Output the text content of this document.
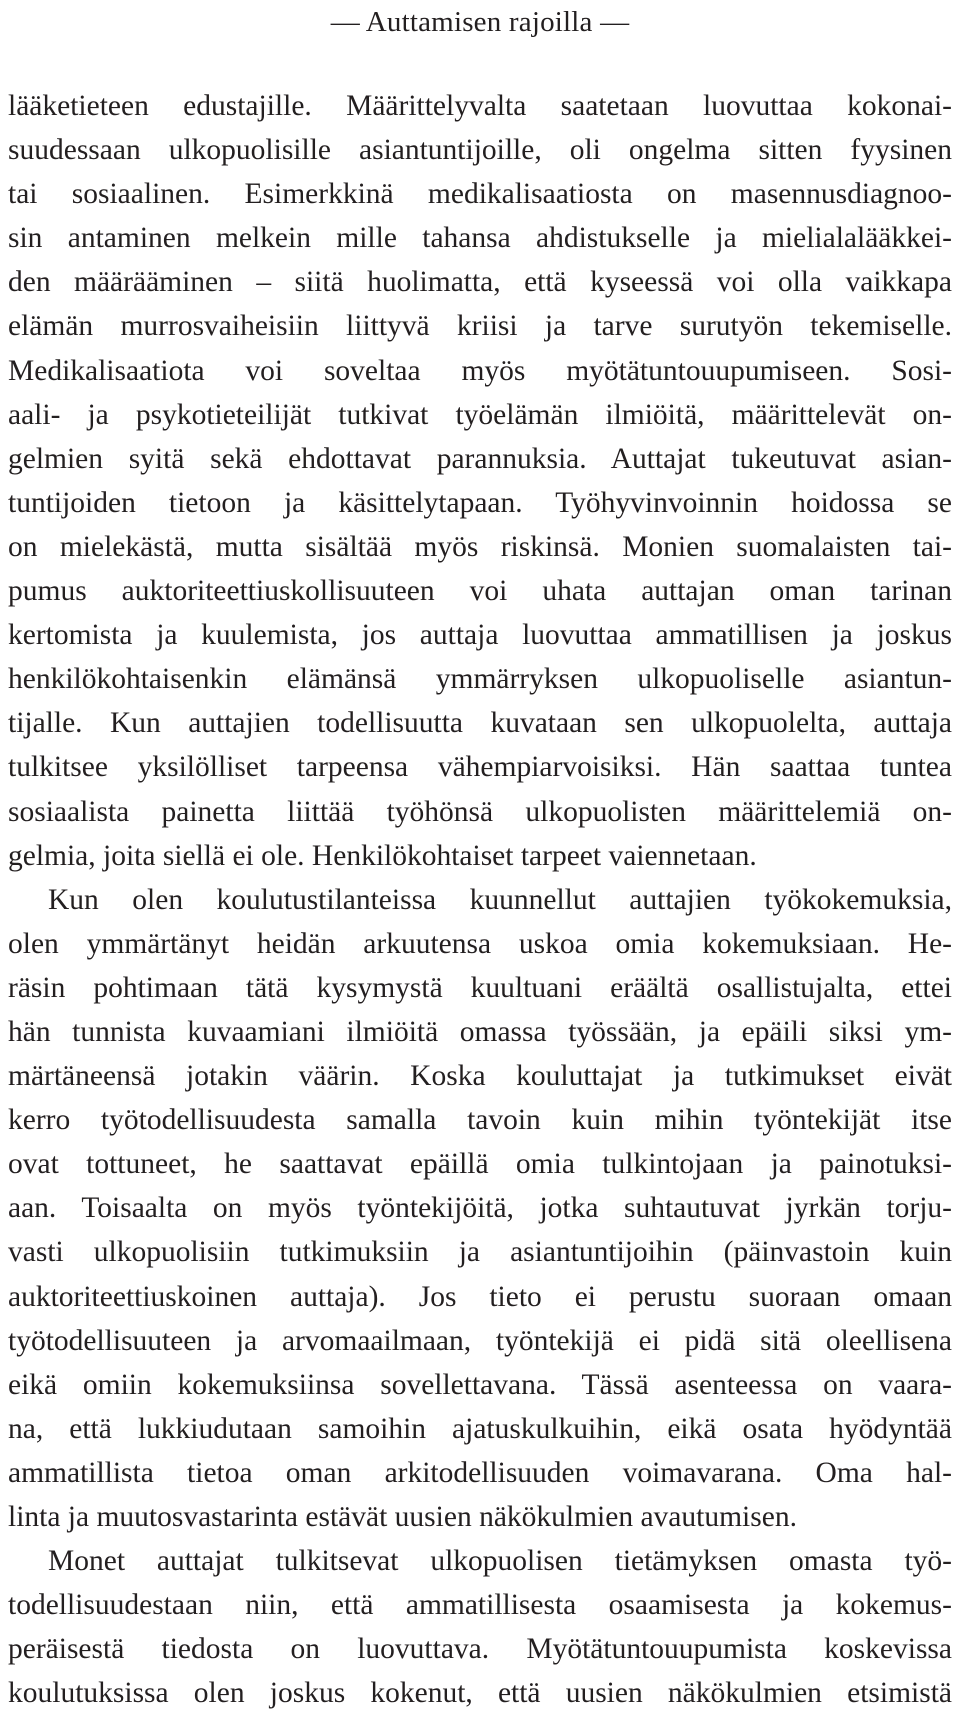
— Auttamisen rajoilla —
lääketieteen edustajille. Määrittelyvalta saatetaan luovuttaa kokonai-
suudessaan ulkopuolisille asiantuntijoille, oli ongelma sitten fyysinen
tai sosiaalinen. Esimerkkinä medikalisaatiosta on masennusdiagnoo-
sin antaminen melkein mille tahansa ahdistukselle ja mielialalääkkei-
den määrääminen – siitä huolimatta, että kyseessä voi olla vaikkapa
elämän murrosvaiheisiin liittyvä kriisi ja tarve surutyön tekemiselle.
Medikalisaatiota voi soveltaa myös myötätuntouupumiseen. Sosi-
aali- ja psykotieteilijät tutkivat työelämän ilmiöitä, määrittelevät on-
gelmien syitä sekä ehdottavat parannuksia. Auttajat tukeutuvat asian-
tuntijoiden tietoon ja käsittelytapaan. Työhyvinvoinnin hoidossa se
on mielekästä, mutta sisältää myös riskinsä. Monien suomalaisten tai-
pumus auktoriteettiuskollisuuteen voi uhata auttajan oman tarinan
kertomista ja kuulemista, jos auttaja luovuttaa ammatillisen ja joskus
henkilökohtaisenkin elämänsä ymmärryksen ulkopuoliselle asiantun-
tijalle. Kun auttajien todellisuutta kuvataan sen ulkopuolelta, auttaja
tulkitsee yksilölliset tarpeensa vähempiarvoisiksi. Hän saattaa tuntea
sosiaalista painetta liittää työhönsä ulkopuolisten määrittelemiä on-
gelmia, joita siellä ei ole. Henkilökohtaiset tarpeet vaiennetaan.
Kun olen koulutustilanteissa kuunnellut auttajien työkokemuksia,
olen ymmärtänyt heidän arkuutensa uskoa omia kokemuksiaan. He-
räsin pohtimaan tätä kysymystä kuultuani eräältä osallistujalta, ettei
hän tunnista kuvaamiani ilmiöitä omassa työssään, ja epäili siksi ym-
märtäneensä jotakin väärin. Koska kouluttajat ja tutkimukset eivät
kerro työtodellisuudesta samalla tavoin kuin mihin työntekijät itse
ovat tottuneet, he saattavat epäillä omia tulkintojaan ja painotuksi-
aan. Toisaalta on myös työntekijöitä, jotka suhtautuvat jyrkän torju-
vasti ulkopuolisiin tutkimuksiin ja asiantuntijoihin (päinvastoin kuin
auktoriteettiuskoinen auttaja). Jos tieto ei perustu suoraan omaan
työtodellisuuteen ja arvomaailmaan, työntekijä ei pidä sitä oleellisena
eikä omiin kokemuksiinsa sovellettavana. Tässä asenteessa on vaara-
na, että lukkiudutaan samoihin ajatuskulkuihin, eikä osata hyödyntää
ammatillista tietoa oman arkitodellisuuden voimavarana. Oma hal-
linta ja muutosvastarinta estävät uusien näkökulmien avautumisen.
Monet auttajat tulkitsevat ulkopuolisen tietämyksen omasta työ-
todellisuudestaan niin, että ammatillisesta osaamisesta ja kokemus-
peräisestä tiedosta on luovuttava. Myötätuntouupumista koskevissa
koulutuksissa olen joskus kokenut, että uusien näkökulmien etsimistä
